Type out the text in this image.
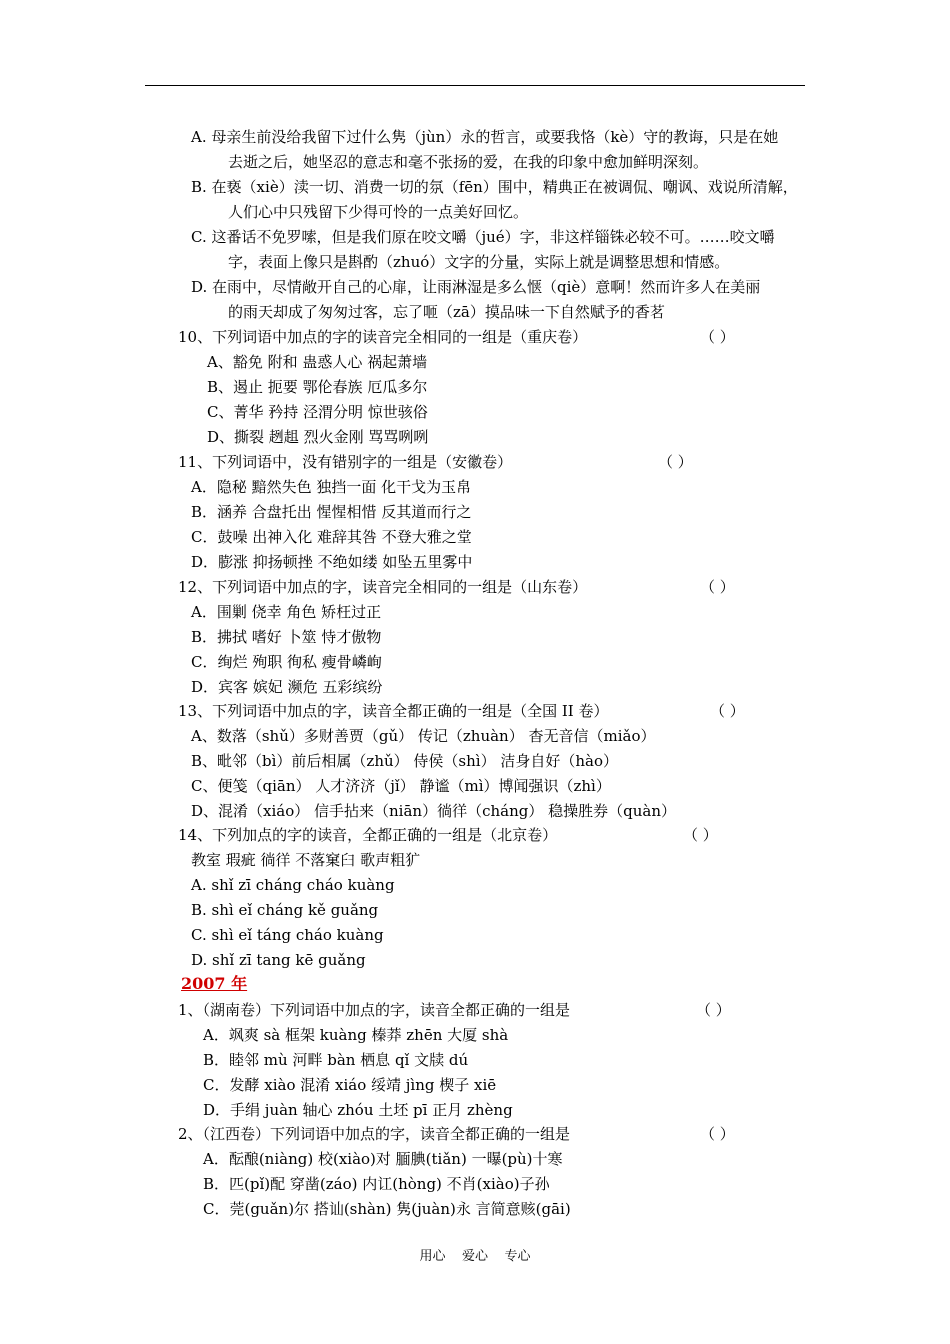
A. 母亲生前没给我留下过什么隽（jùn）永的哲言，或要我恪（kè）守的教诲，只是在她
去逝之后，她坚忍的意志和毫不张扬的爱，在我的印象中愈加鲜明深刻。
B. 在亵（xiè）渎一切、消费一切的氛（fēn）围中，精典正在被调侃、嘲讽、戏说所清解，
人们心中只残留下少得可怜的一点美好回忆。
C. 这番话不免罗嗦，但是我们原在咬文嚼（jué）字，非这样锱铢必较不可。……咬文嚼
字，表面上像只是斟酌（zhuó）文字的分量，实际上就是调整思想和情感。
D. 在雨中，尽情敞开自己的心扉，让雨淋湿是多么惬（qiè）意啊！然而许多人在美丽
的雨天却成了匆匆过客，忘了咂（zā）摸品味一下自然赋予的香茗
10、下列词语中加点的字的读音完全相同的一组是（重庆卷）	（ ）
A、豁免 附和 蛊惑人心 祸起萧墙
B、遏止 扼要 鄂伦春族 厄瓜多尔
C、菁华 矜持 泾渭分明 惊世骇俗
D、撕裂 趔趄 烈火金刚 骂骂咧咧
11、下列词语中，没有错别字的一组是（安徽卷）	（ ）
A．隐秘 黯然失色 独挡一面 化干戈为玉帛
B．涵养 合盘托出 惺惺相惜 反其道而行之
C．鼓噪 出神入化 难辞其咎 不登大雅之堂
D．膨涨 抑扬顿挫 不绝如缕 如坠五里雾中
12、下列词语中加点的字，读音完全相同的一组是（山东卷）	（ ）
A．围剿 侥幸 角色 矫枉过正
B．拂拭 嗜好 卜筮 恃才傲物
C．绚烂 殉职 徇私 瘦骨嶙峋
D．宾客 嫔妃 濒危 五彩缤纷
13、下列词语中加点的字，读音全都正确的一组是（全国 II 卷）	（ ）
A、数落（shǔ）多财善贾（gǔ） 传记（zhuàn） 杳无音信（miǎo）
B、毗邻（bì）前后相属（zhǔ） 侍侯（shì） 洁身自好（hào）
C、便笺（qiān） 人才济济（jǐ） 静谧（mì）博闻强识（zhì）
D、混淆（xiáo） 信手拈来（niān）徜徉（cháng） 稳操胜券（quàn）
14、下列加点的字的读音，全都正确的一组是（北京卷）	（ ）
教室 瑕疵 徜徉 不落窠臼 歌声粗犷
A. shǐ zī cháng cháo kuàng
B. shì eǐ cháng kě guǎng
C. shì eǐ táng cháo kuàng
D. shǐ zī tang kē guǎng
1、（湖南卷）下列词语中加点的字，读音全都正确的一组是	（ ）
A．飒爽 sà 框架 kuàng 榛莽 zhēn 大厦 shà
B．睦邻 mù 河畔 bàn 栖息 qǐ 文牍 dú
C．发酵 xiào 混淆 xiáo 绥靖 jìng 楔子 xiē
D．手绢 juàn 轴心 zhóu 土坯 pī 正月 zhèng
2、（江西卷）下列词语中加点的字，读音全都正确的一组是	（ ）
A．酝酿(niàng) 校(xiào)对 腼腆(tiǎn) 一曝(pù)十寒
B．匹(pǐ)配 穿凿(záo) 内讧(hòng) 不肖(xiào)子孙
C．莞(guǎn)尔 搭讪(shàn) 隽(juàn)永 言简意赅(gāi)
2007 年
用心    爱心    专心
